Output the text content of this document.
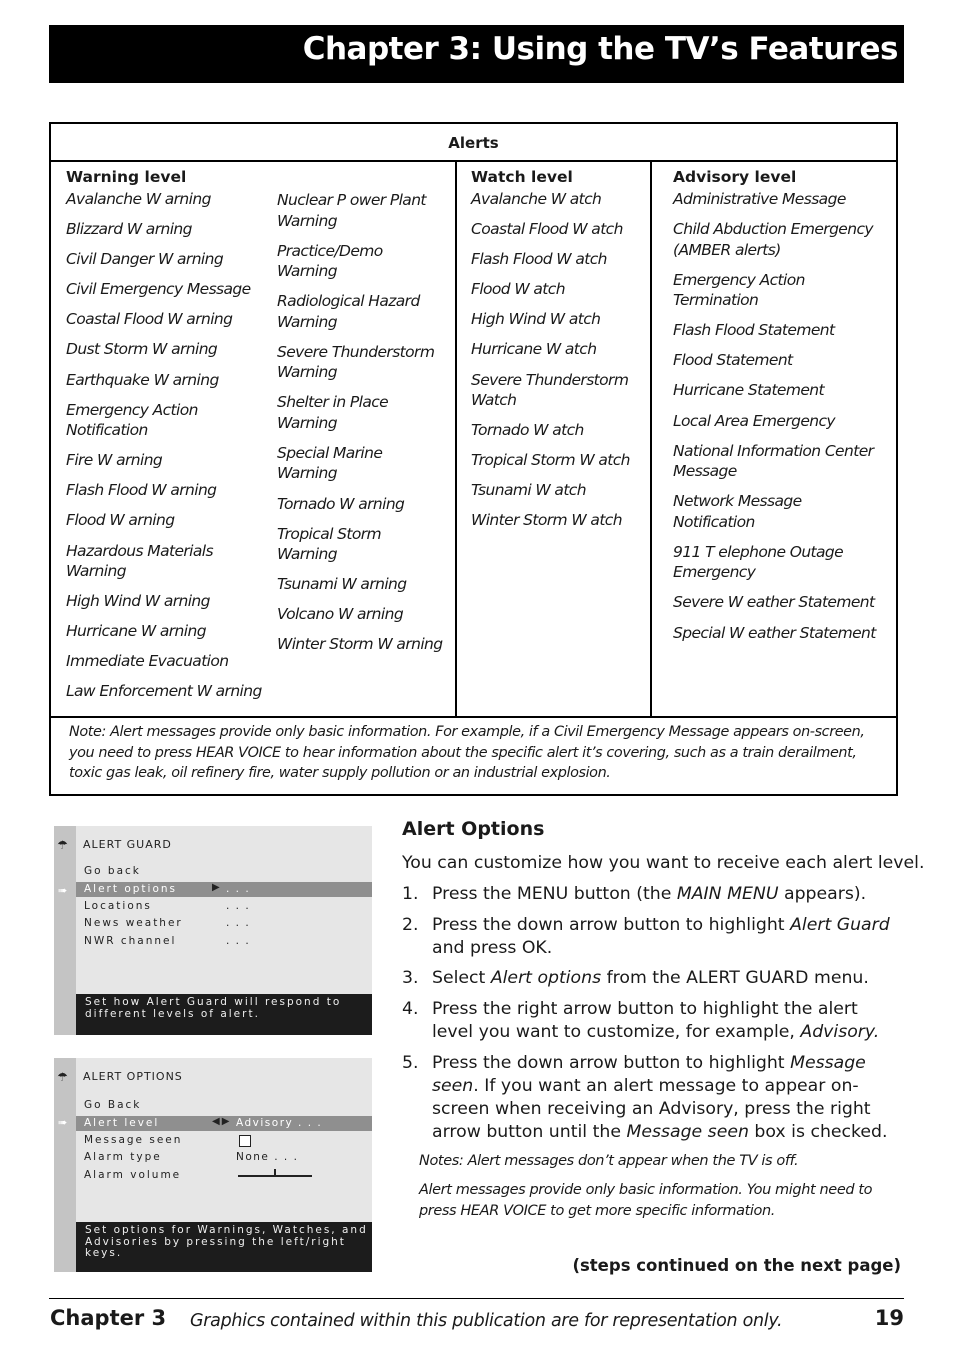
Chapter 3: Using the TV’s Features
Alerts
Warning level
Avalanche W arning
Blizzard W arning
Civil Danger W arning
Civil Emergency Message
Coastal Flood W arning
Dust Storm W arning
Earthquake W arning
Emergency Action
Notification
Fire W arning
Flash Flood W arning
Flood W arning
Hazardous Materials
Warning
High Wind W arning
Hurricane W arning
Immediate Evacuation
Law Enforcement W arning
Nuclear P ower Plant
Warning
Practice/Demo
Warning
Radiological Hazard
Warning
Severe Thunderstorm
Warning
Shelter in Place
Warning
Special Marine
Warning
Tornado W arning
Tropical Storm
Warning
Tsunami W arning
Volcano W arning
Winter Storm W arning
Watch level
Avalanche W atch
Coastal Flood W atch
Flash Flood W atch
Flood W atch
High Wind W atch
Hurricane W atch
Severe Thunderstorm
Watch
Tornado W atch
Tropical Storm W atch
Tsunami W atch
Winter Storm W atch
Advisory level
Administrative Message
Child Abduction Emergency
(AMBER alerts)
Emergency Action
Termination
Flash Flood Statement
Flood Statement
Hurricane Statement
Local Area Emergency
National Information Center
Message
Network Message
Notification
911 T elephone Outage
Emergency
Severe W eather Statement
Special W eather Statement
Note: Alert messages provide only basic information. For example, if a Civil Emergency Message appears on-screen, you need to press HEAR VOICE to hear information about the specific alert it’s covering, such as a train derailment, toxic gas leak, oil refinery fire, water supply pollution or an industrial explosion.
☂
➠
ALERT GUARD
Go back
Alert options	▶ . . .
Locations	. . .
News weather	. . .
NWR channel	. . .
Set how Alert Guard will respond to different levels of alert.
☂
➠
ALERT OPTIONS
Go Back
Alert level	◀▶ Advisory . . .
Message seen
Alarm type	None . . .
Alarm volume
Set options for Warnings, Watches, and Advisories by pressing the left/right keys.
Alert Options
You can customize how you want to receive each alert level.
1. Press the MENU button (the MAIN MENU appears).
2. Press the down arrow button to highlight Alert Guard and press OK.
3. Select Alert options from the ALERT GUARD menu.
4. Press the right arrow button to highlight the alert level you want to customize, for example, Advisory.
5. Press the down arrow button to highlight Message seen. If you want an alert message to appear on-screen when receiving an Advisory, press the right arrow button until the Message seen box is checked.
Notes: Alert messages don’t appear when the TV is off.
Alert messages provide only basic information. You might need to press HEAR VOICE to get more specific information.
(steps continued on the next page)
Chapter 3 Graphics contained within this publication are for representation only.	19
